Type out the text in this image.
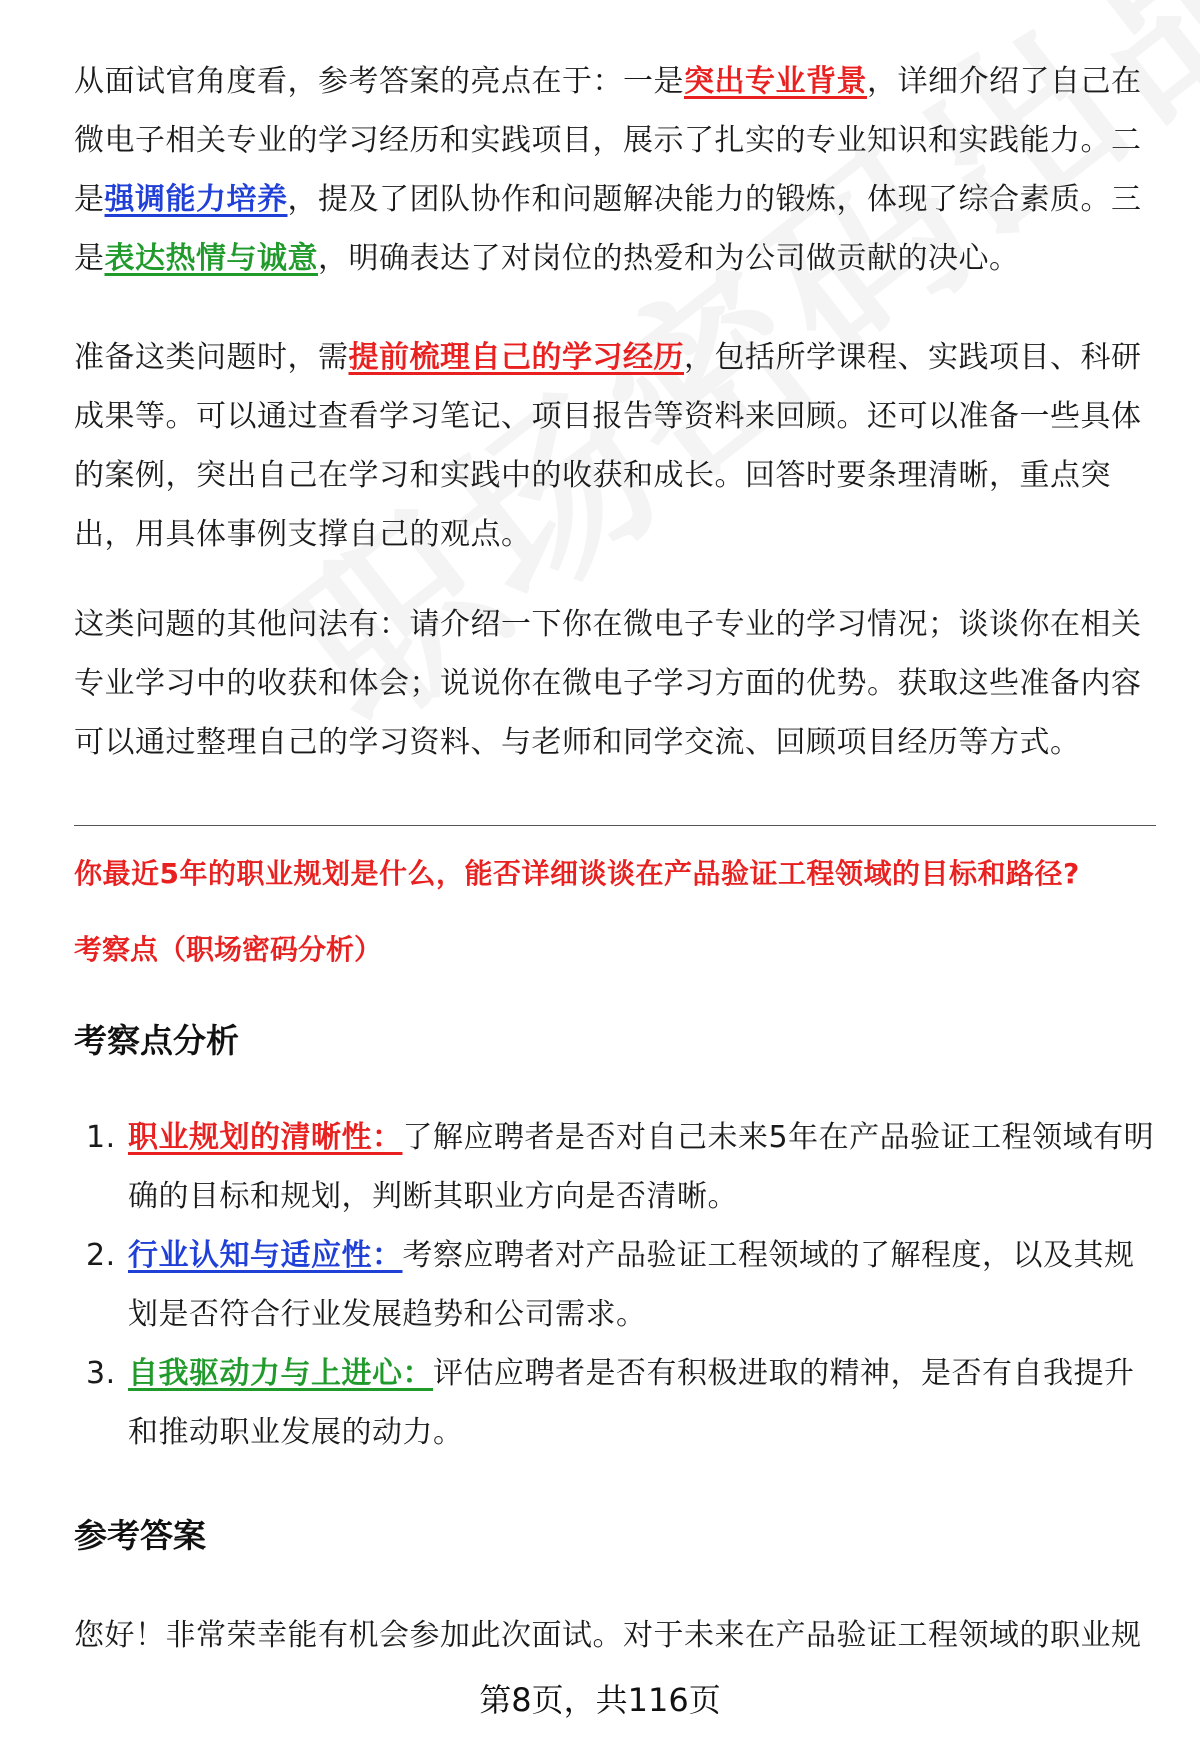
从面试官角度看，参考答案的亮点在于：一是突出专业背景，详细介绍了自己在微电子相关专业的学习经历和实践项目，展示了扎实的专业知识和实践能力。二是强调能力培养，提及了团队协作和问题解决能力的锻炼，体现了综合素质。三是表达热情与诚意，明确表达了对岗位的热爱和为公司做贡献的决心。

准备这类问题时，需提前梳理自己的学习经历，包括所学课程、实践项目、科研成果等。可以通过查看学习笔记、项目报告等资料来回顾。还可以准备一些具体的案例，突出自己在学习和实践中的收获和成长。回答时要条理清晰，重点突出，用具体事例支撑自己的观点。

这类问题的其他问法有：请介绍一下你在微电子专业的学习情况；谈谈你在相关专业学习中的收获和体会；说说你在微电子学习方面的优势。获取这些准备内容可以通过整理自己的学习资料、与老师和同学交流、回顾项目经历等方式。

你最近5年的职业规划是什么，能否详细谈谈在产品验证工程领域的目标和路径?

考察点（职场密码分析）

考察点分析
1. 职业规划的清晰性：了解应聘者是否对自己未来5年在产品验证工程领域有明确的目标和规划，判断其职业方向是否清晰。
2. 行业认知与适应性：考察应聘者对产品验证工程领域的了解程度，以及其规划是否符合行业发展趋势和公司需求。
3. 自我驱动力与上进心：评估应聘者是否有积极进取的精神，是否有自我提升和推动职业发展的动力。
参考答案

您好！非常荣幸能有机会参加此次面试。对于未来在产品验证工程领域的职业规

第8页，共116页
